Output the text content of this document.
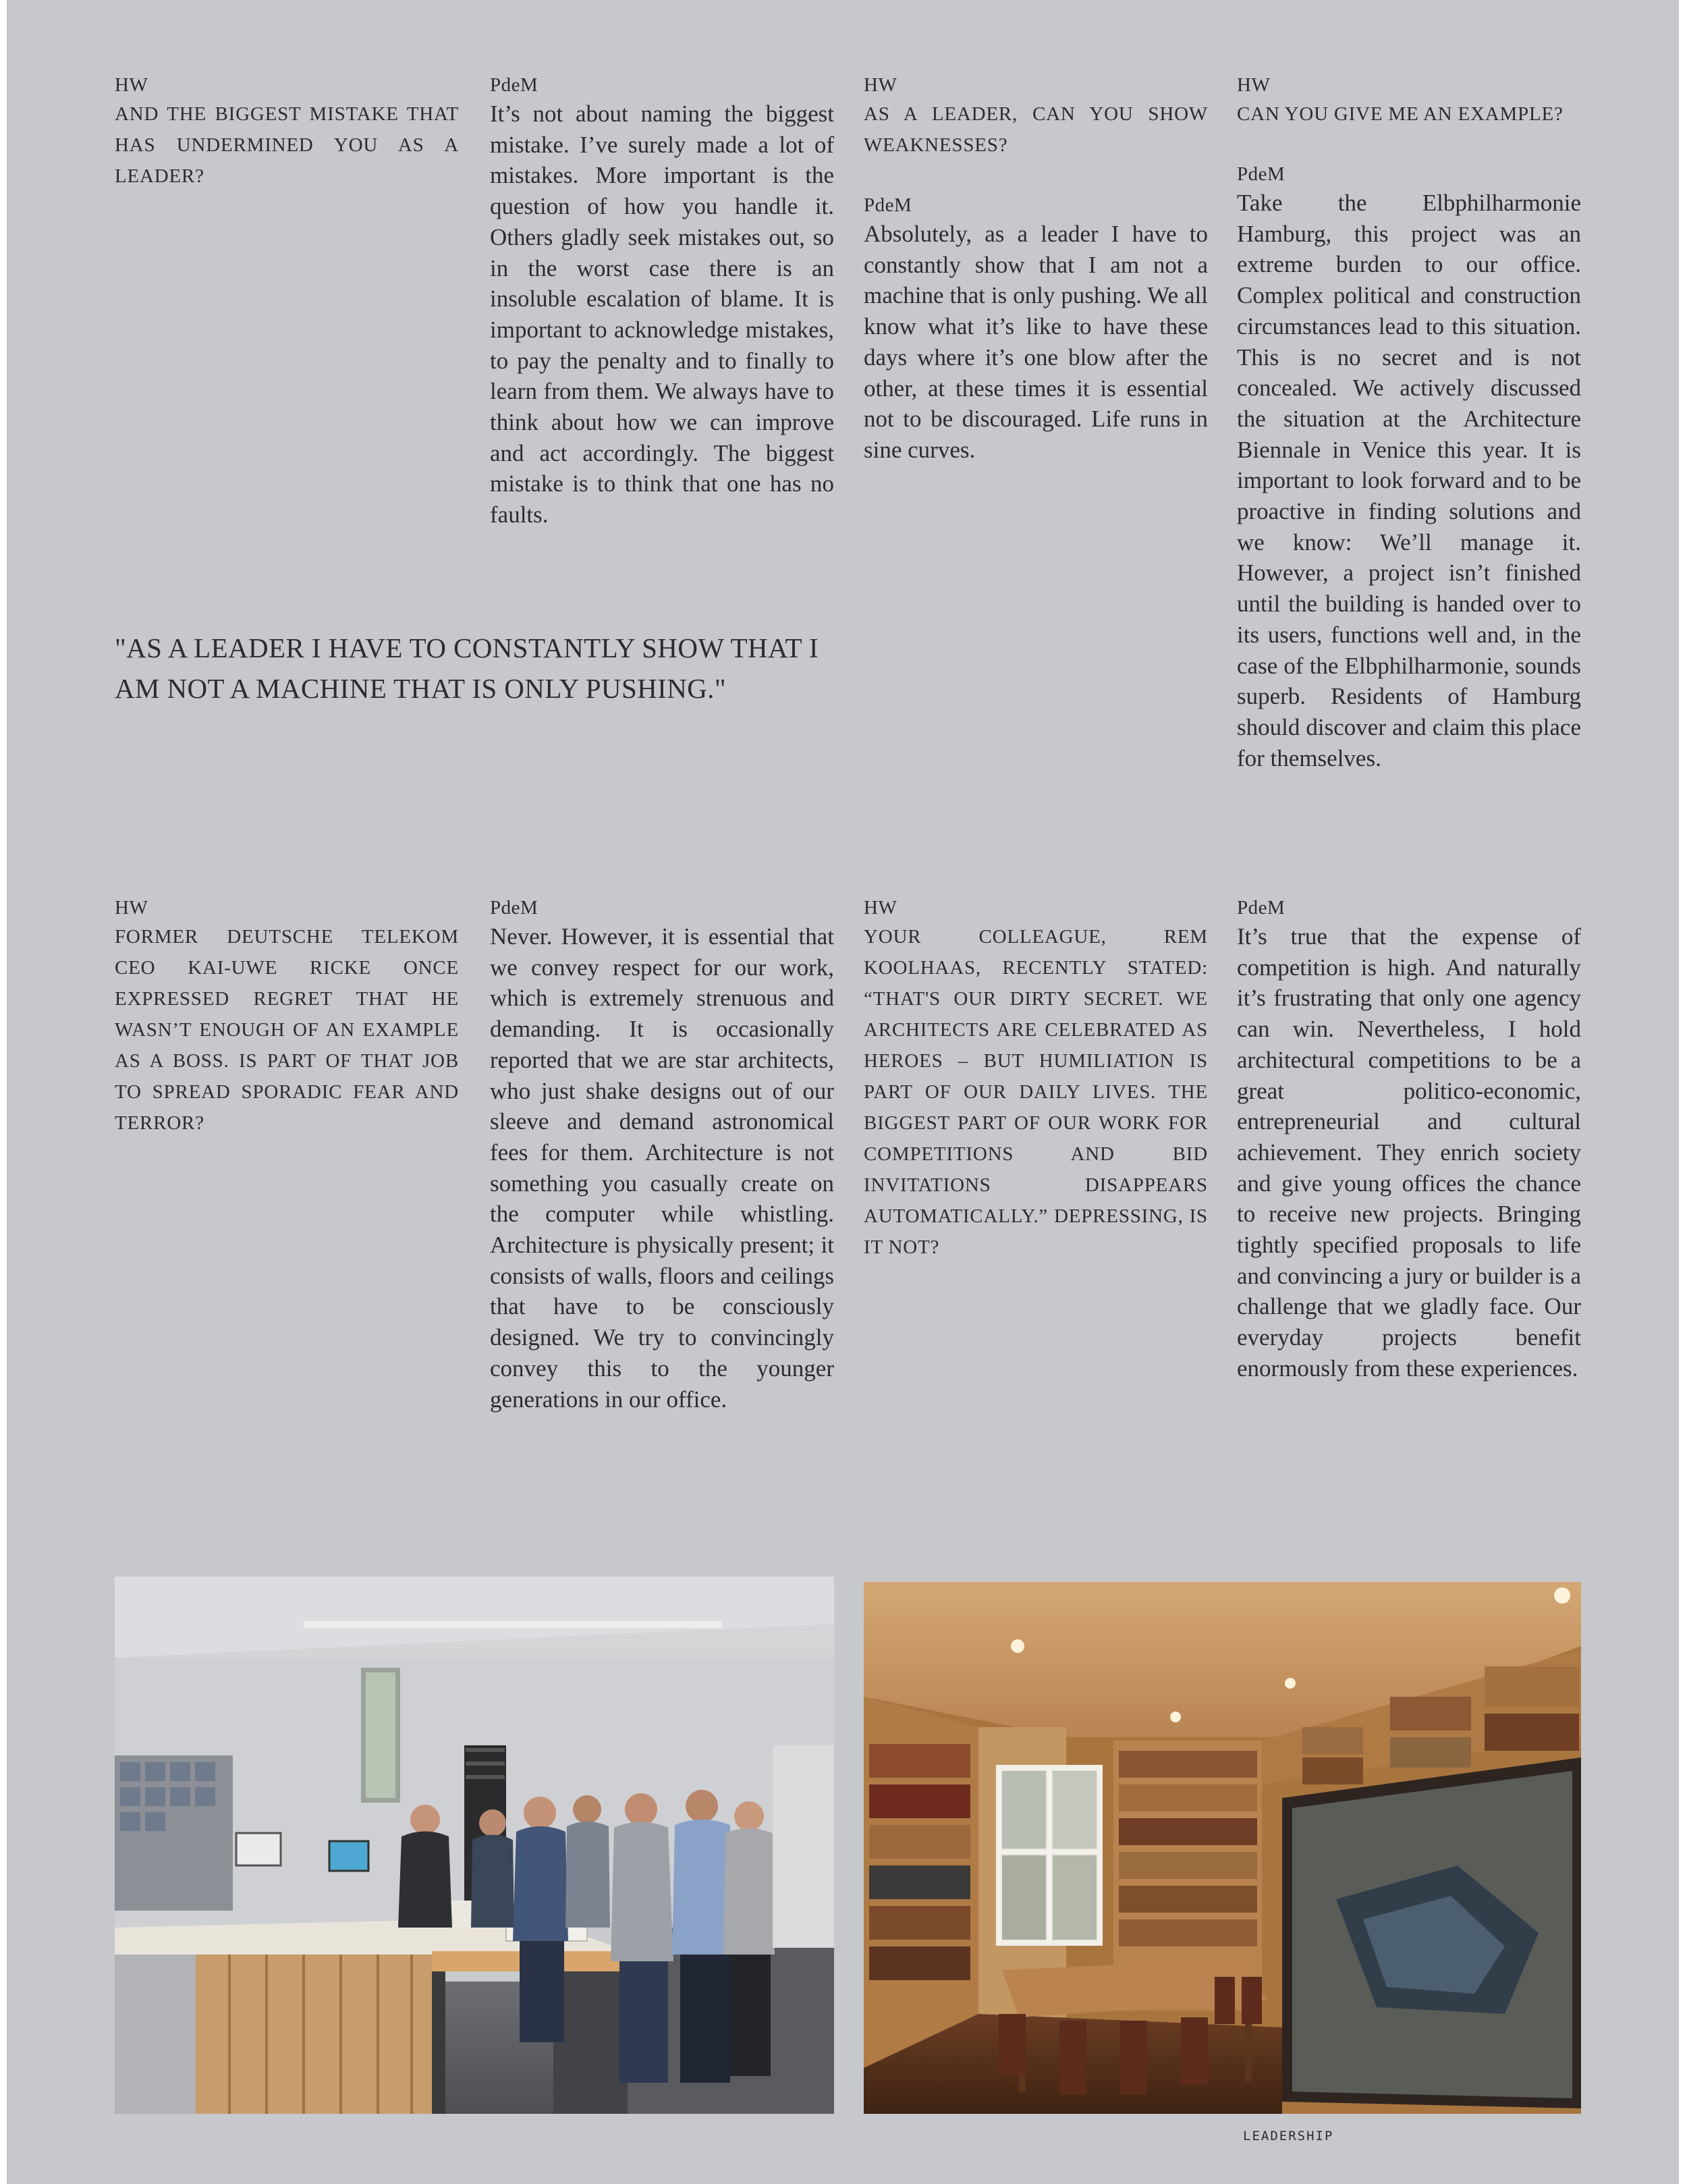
HW

AND THE BIGGEST MISTAKE THAT HAS UNDERMINED YOU AS A LEADER?

PdeM

It’s not about naming the biggest mistake. I’ve surely made a lot of mistakes. More important is the question of how you handle it. Others gladly seek mistakes out, so in the worst case there is an insoluble escalation of blame. It is important to acknowledge mistakes, to pay the penalty and to finally to learn from them. We always have to think about how we can improve and act accordingly. The biggest mistake is to think that one has no faults.

HW

AS A LEADER, CAN YOU SHOW WEAKNESSES?

PdeM

Absolutely, as a leader I have to constantly show that I am not a machine that is only pushing. We all know what it’s like to have these days where it’s one blow after the other, at these times it is essential not to be discouraged. Life runs in sine curves.

HW

CAN YOU GIVE ME AN EXAMPLE?

PdeM

Take the Elbphilharmonie Hamburg, this project was an extreme burden to our office. Complex political and construction circumstances lead to this situation. This is no secret and is not concealed. We actively discussed the situation at the Architecture Biennale in Venice this year. It is important to look forward and to be proactive in finding solutions and we know: We’ll manage it. However, a project isn’t finished until the building is handed over to its users, functions well and, in the case of the Elbphilharmonie, sounds superb. Residents of Hamburg should discover and claim this place for themselves.

"AS A LEADER I HAVE TO CONSTANTLY SHOW THAT I AM NOT A MACHINE THAT IS ONLY PUSHING."

HW

FORMER DEUTSCHE TELEKOM CEO KAI-UWE RICKE ONCE EXPRESSED REGRET THAT HE WASN’T ENOUGH OF AN EXAMPLE AS A BOSS. IS PART OF THAT JOB TO SPREAD SPORADIC FEAR AND TERROR?

PdeM

Never. However, it is essential that we convey respect for our work, which is extremely strenuous and demanding. It is occasionally reported that we are star architects, who just shake designs out of our sleeve and demand astronomical fees for them. Architecture is not something you casually create on the computer while whistling. Architecture is physically present; it consists of walls, floors and ceilings that have to be consciously designed. We try to convincingly convey this to the younger generations in our office.

HW

YOUR COLLEAGUE, REM KOOLHAAS, RECENTLY STATED: “THAT'S OUR DIRTY SECRET. WE ARCHITECTS ARE CELEBRATED AS HEROES – BUT HUMILIATION IS PART OF OUR DAILY LIVES. THE BIGGEST PART OF OUR WORK FOR COMPETITIONS AND BID INVITATIONS DISAPPEARS AUTOMATICALLY.” DEPRESSING, IS IT NOT?

PdeM

It’s true that the expense of competition is high. And naturally it’s frustrating that only one agency can win. Nevertheless, I hold architectural competitions to be a great politico-economic, entrepreneurial and cultural achievement. They enrich society and give young offices the chance to receive new projects. Bringing tightly specified proposals to life and convincing a jury or builder is a challenge that we gladly face. Our everyday projects benefit enormously from these experiences.

LEADERSHIP
